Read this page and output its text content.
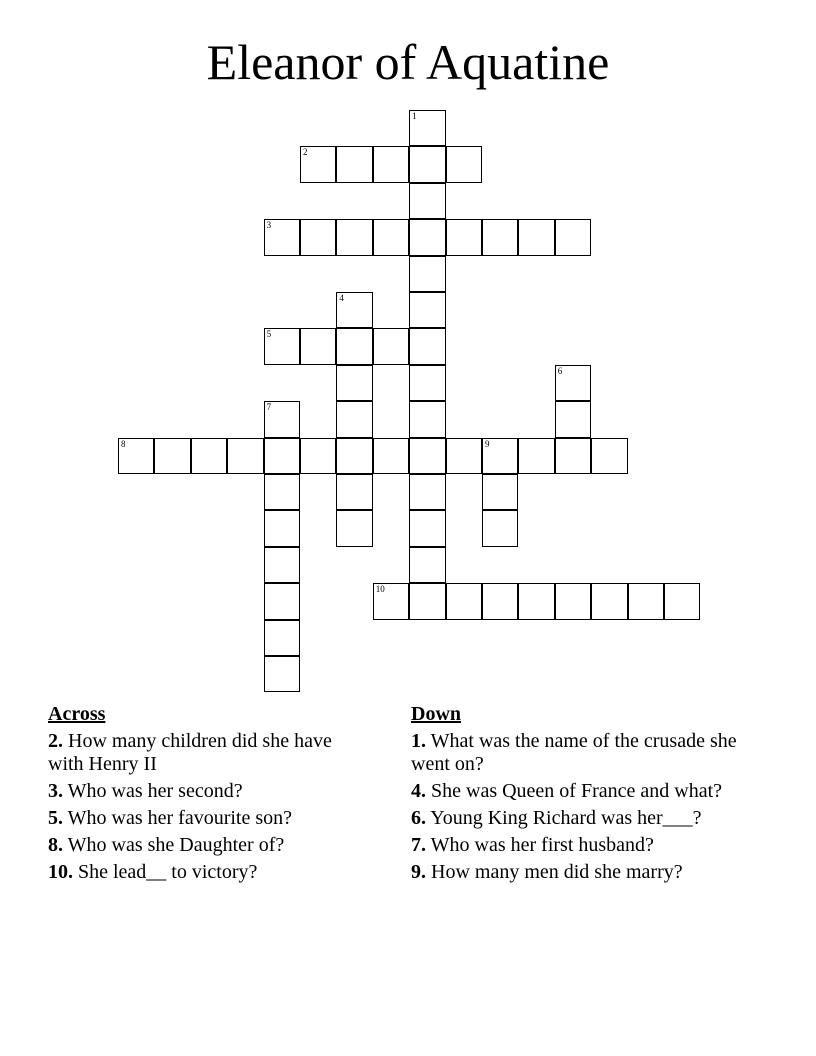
Eleanor of Aquatine
1
2
3
4
5
6
7
8	9
10
Across
2. How many children did she have with Henry II
3. Who was her second?
5. Who was her favourite son?
8. Who was she Daughter of?
10. She lead__ to victory?
Down
1. What was the name of the crusade she went on?
4. She was Queen of France and what?
6. Young King Richard was her___?
7. Who was her first husband?
9. How many men did she marry?
